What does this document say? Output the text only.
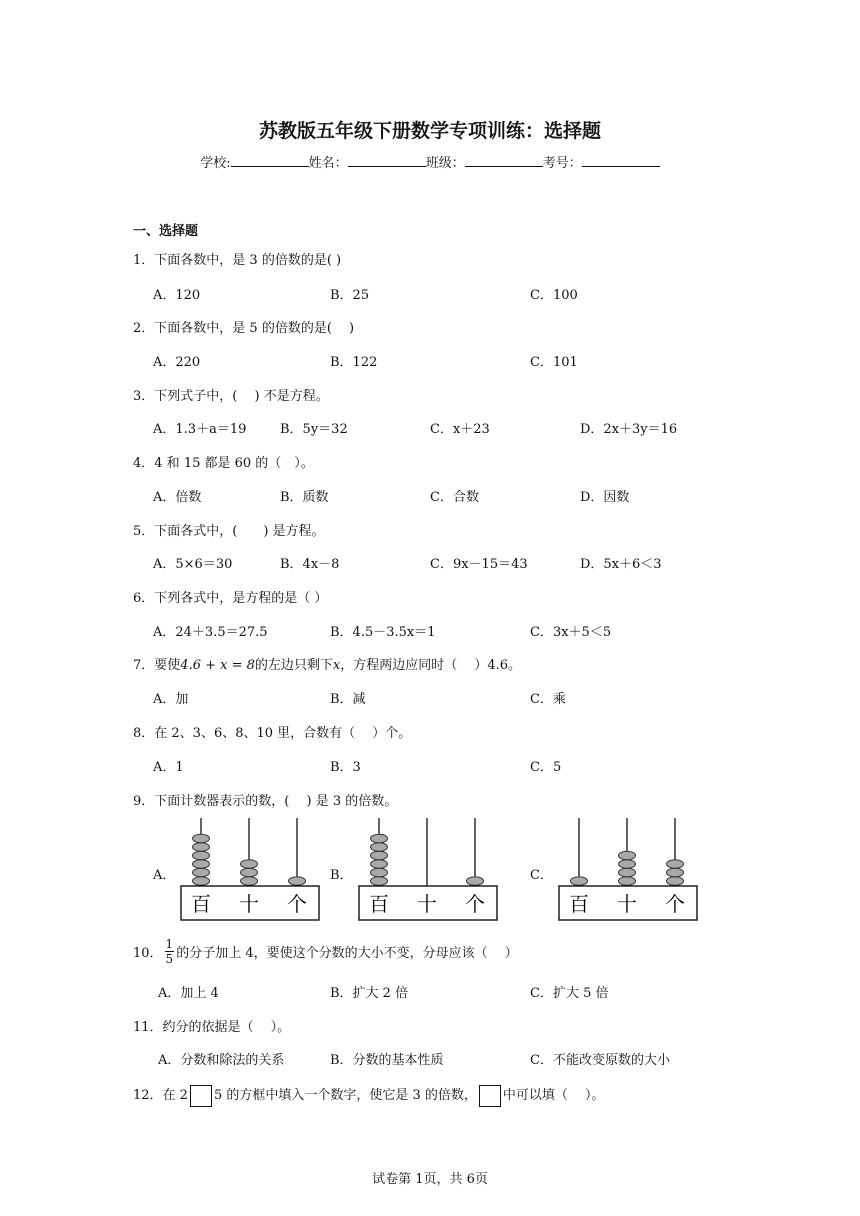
苏教版五年级下册数学专项训练：选择题
学校:	姓名：	班级：	考号：
一、选择题
1．下面各数中，是 3 的倍数的是( )
A．120	B．25	C．100
2．下面各数中，是 5 的倍数的是(　 )
A．220	B．122	C．101
3．下列式子中，(　 ) 不是方程。
A．1.3＋a＝19	B．5y＝32	C．x＋23	D．2x＋3y＝16
4．4 和 15 都是 60 的（　）。
A．倍数	B．质数	C．合数	D．因数
5．下面各式中，(　　) 是方程。
A．5×6＝30	B．4x－8	C．9x－15＝43	D．5x＋6＜3
6．下列各式中，是方程的是（ ）
A．24＋3.5＝27.5	B．4.5－3.5x＝1	C．3x＋5＜5
7．要使4.6 + x = 8的左边只剩下x，方程两边应同时（　 ）4.6。
A．加	B．减	C．乘
8．在 2、3、6、8、10 里，合数有（　 ）个。
A．1	B．3	C．5
9．下面计数器表示的数，(　 ) 是 3 的倍数。
A．	B．	C．
百 十 个	百 十 个	百 十 个
10． $\frac{1}{5}$ 的分子加上 4，要使这个分数的大小不变，分母应该（　 ）
A．加上 4	B．扩大 2 倍	C．扩大 5 倍
11．约分的依据是（　 ）。
A．分数和除法的关系	B．分数的基本性质	C．不能改变原数的大小
12．在 2 5 的方框中填入一个数字，使它是 3 的倍数， 中可以填（　 ）。
试卷第 1页，共 6页
